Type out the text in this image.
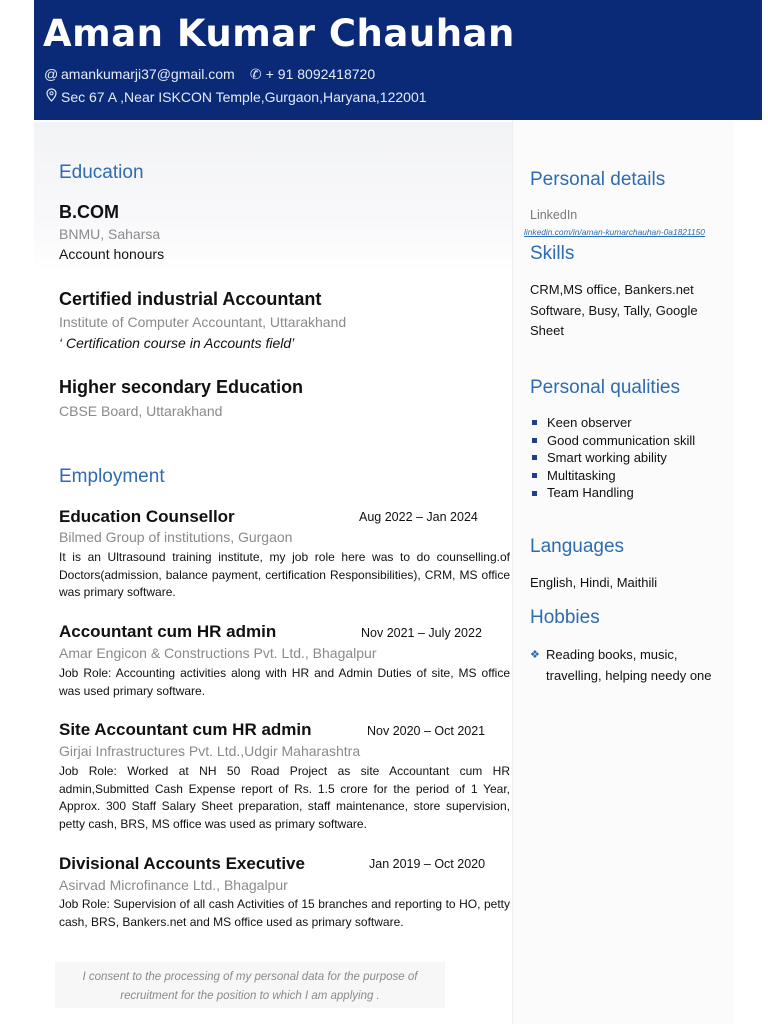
Aman Kumar Chauhan
@ amankumarji37@gmail.com ✆ + 91 8092418720
Sec 67 A ,Near ISKCON Temple,Gurgaon,Haryana,122001
Education
B.COM
BNMU, Saharsa
Account honours
Certified industrial Accountant
Institute of Computer Accountant, Uttarakhand
‘ Certification course in Accounts field’
Higher secondary Education
CBSE Board, Uttarakhand
Employment
Education Counsellor	Aug 2022 – Jan 2024
Bilmed Group of institutions, Gurgaon
It is an Ultrasound training institute, my job role here was to do counselling.of Doctors(admission, balance payment, certification Responsibilities), CRM, MS office was primary software.
Accountant cum HR admin	Nov 2021 – July 2022
Amar Engicon & Constructions Pvt. Ltd., Bhagalpur
Job Role: Accounting activities along with HR and Admin Duties of site, MS office was used primary software.
Site Accountant cum HR admin	Nov 2020 – Oct 2021
Girjai Infrastructures Pvt. Ltd.,Udgir Maharashtra
Job Role: Worked at NH 50 Road Project as site Accountant cum HR admin,Submitted Cash Expense report of Rs. 1.5 crore for the period of 1 Year, Approx. 300 Staff Salary Sheet preparation, staff maintenance, store supervision, petty cash, BRS, MS office was used as primary software.
Divisional Accounts Executive	Jan 2019 – Oct 2020
Asirvad Microfinance Ltd., Bhagalpur
Job Role: Supervision of all cash Activities of 15 branches and reporting to HO, petty cash, BRS, Bankers.net and MS office used as primary software.
I consent to the processing of my personal data for the purpose of recruitment for the position to which I am applying .
Personal details
LinkedIn
linkedin.com/in/aman-kumarchauhan-0a1821150
Skills
CRM,MS office, Bankers.net Software, Busy, Tally, Google Sheet
Personal qualities
Keen observer
Good communication skill
Smart working ability
Multitasking
Team Handling
Languages
English, Hindi, Maithili
Hobbies
❖ Reading books, music, travelling, helping needy one
